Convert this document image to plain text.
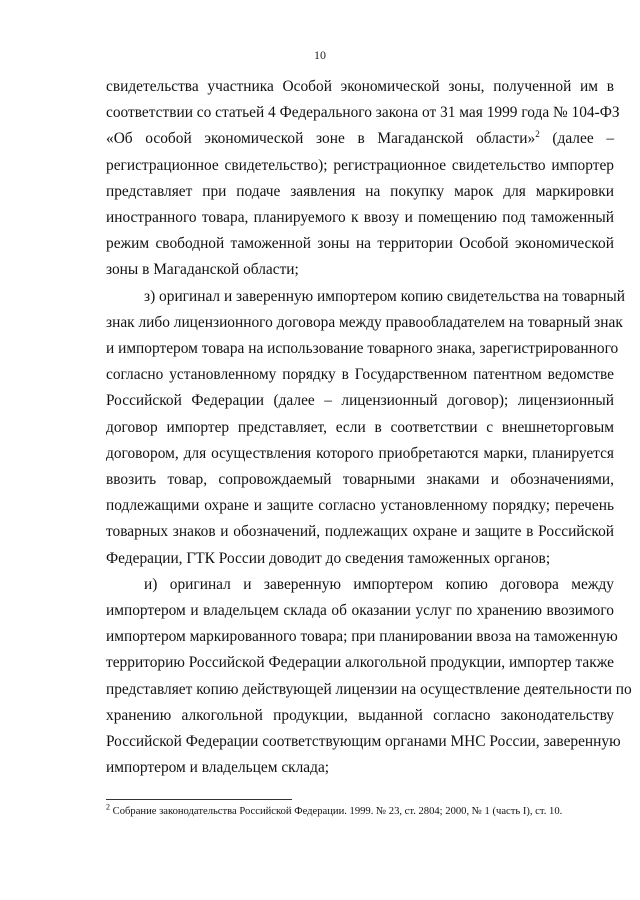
10
свидетельства участника Особой экономической зоны, полученной им в
соответствии со статьей 4 Федерального закона от 31 мая 1999 года № 104-ФЗ
«Об особой экономической зоне в Магаданской области»$^2$ (далее –
регистрационное свидетельство); регистрационное свидетельство импортер
представляет при подаче заявления на покупку марок для маркировки
иностранного товара, планируемого к ввозу и помещению под таможенный
режим свободной таможенной зоны на территории Особой экономической
зоны в Магаданской области;
з) оригинал и заверенную импортером копию свидетельства на товарный
знак либо лицензионного договора между правообладателем на товарный знак
и импортером товара на использование товарного знака, зарегистрированного
согласно установленному порядку в Государственном патентном ведомстве
Российской Федерации (далее – лицензионный договор); лицензионный
договор импортер представляет, если в соответствии с внешнеторговым
договором, для осуществления которого приобретаются марки, планируется
ввозить товар, сопровождаемый товарными знаками и обозначениями,
подлежащими охране и защите согласно установленному порядку; перечень
товарных знаков и обозначений, подлежащих охране и защите в Российской
Федерации, ГТК России доводит до сведения таможенных органов;
и) оригинал и заверенную импортером копию договора между
импортером и владельцем склада об оказании услуг по хранению ввозимого
импортером маркированного товара; при планировании ввоза на таможенную
территорию Российской Федерации алкогольной продукции, импортер также
представляет копию действующей лицензии на осуществление деятельности по
хранению алкогольной продукции, выданной согласно законодательству
Российской Федерации соответствующим органами МНС России, заверенную
импортером и владельцем склада;
$^2$ Собрание законодательства Российской Федерации. 1999. № 23, ст. 2804; 2000, № 1 (часть I), ст. 10.
